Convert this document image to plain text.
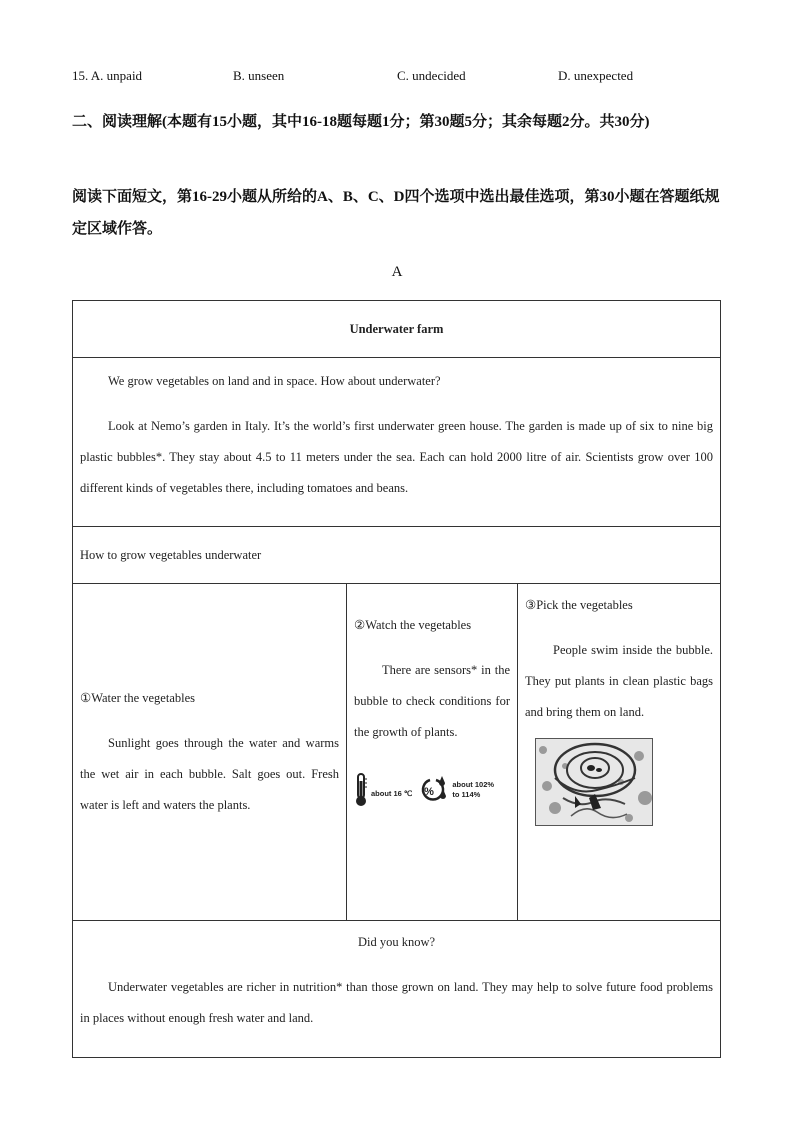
15. A. unpaid	B. unseen	C. undecided	D. unexpected
二、阅读理解(本题有15小题，其中16-18题每题1分；第30题5分；其余每题2分。共30分)
阅读下面短文，第16-29小题从所给的A、B、C、D四个选项中选出最佳选项，第30小题在答题纸规定区域作答。
A
Underwater farm

We grow vegetables on land and in space. How about underwater?

Look at Nemo’s garden in Italy. It’s the world’s first underwater green house. The garden is made up of six to nine big plastic bubbles*. They stay about 4.5 to 11 meters under the sea. Each can hold 2000 litre of air. Scientists grow over 100 different kinds of vegetables there, including tomatoes and beans.

How to grow vegetables underwater

①Water the vegetables

Sunlight goes through the water and warms the wet air in each bubble. Salt goes out. Fresh water is left and waters the plants.

②Watch the vegetables

There are sensors* in the bubble to check conditions for the growth of plants.

about 16 ℃ %
about 102%
to 114%

③Pick the vegetables

People swim inside the bubble. They put plants in clean plastic bags and bring them on land.

Did you know?

Underwater vegetables are richer in nutrition* than those grown on land. They may help to solve future food problems in places without enough fresh water and land.
